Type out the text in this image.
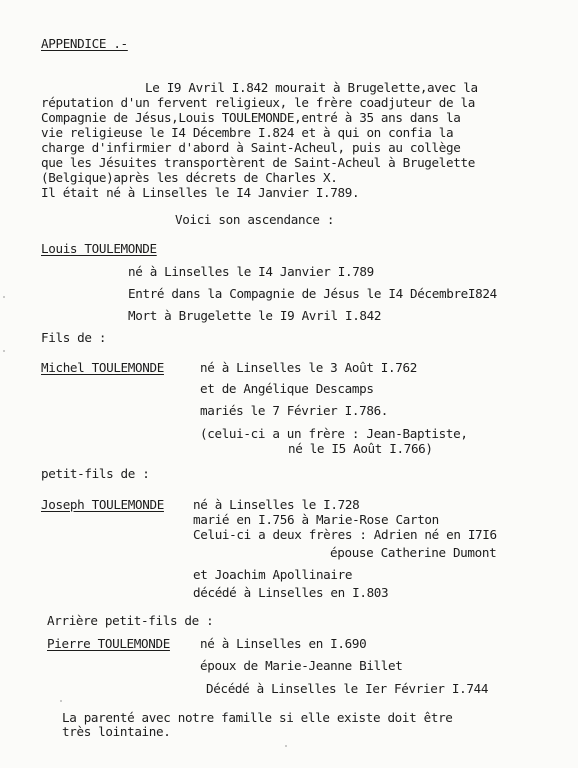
APPENDICE .-
Le I9 Avril I.842 mourait à Brugelette,avec la
réputation d'un fervent religieux, le frère coadjuteur de la
Compagnie de Jésus,Louis TOULEMONDE,entré à 35 ans dans la
vie religieuse le I4 Décembre I.824 et à qui on confia la
charge d'infirmier d'abord à Saint-Acheul, puis au collège
que les Jésuites transportèrent de Saint-Acheul à Brugelette
(Belgique)après les décrets de Charles X.
Il était né à Linselles le I4 Janvier I.789.
Voici son ascendance :
Louis TOULEMONDE
né à Linselles le I4 Janvier I.789
Entré dans la Compagnie de Jésus le I4 DécembreI824
Mort à Brugelette le I9 Avril I.842
Fils de :
Michel TOULEMONDE	né à Linselles le 3 Août I.762
et de Angélique Descamps
mariés le 7 Février I.786.
(celui-ci a un frère : Jean-Baptiste,
né le I5 Août I.766)
petit-fils de :
Joseph TOULEMONDE né à Linselles le I.728
marié en I.756 à Marie-Rose Carton
Celui-ci a deux frères : Adrien né en I7I6
épouse Catherine Dumont
et Joachim Apollinaire
décédé à Linselles en I.803
Arrière petit-fils de :
Pierre TOULEMONDE né à Linselles en I.690
époux de Marie-Jeanne Billet
Décédé à Linselles le Ier Février I.744
La parenté avec notre famille si elle existe doit être
très lointaine.
